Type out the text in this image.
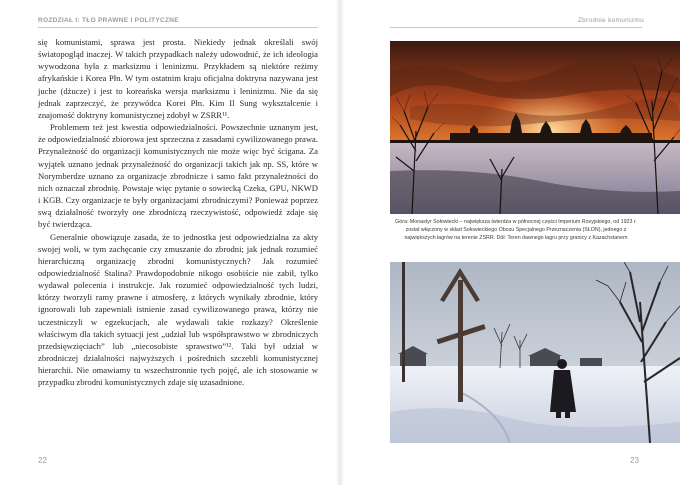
ROZDZIAŁ I: TŁO PRAWNE I POLITYCZNE

się komunistami, sprawa jest prosta. Niekiedy jednak określali swój światopogląd inaczej. W takich przypadkach należy udowodnić, że ich ideologia wywodzona była z marksizmu i leninizmu. Przykładem są niektóre reżimy afrykańskie i Korea Płn. W tym ostatnim kraju oficjalna doktryna nazywana jest juche (dżucze) i jest to koreańska wersja marksizmu i leninizmu. Nie da się jednak zaprzeczyć, że przywódca Korei Płn. Kim Il Sung wykształcenie i znajomość doktryny komunistycznej zdobył w ZSRR¹¹.

Problemem też jest kwestia odpowiedzialności. Powszechnie uznanym jest, że odpowiedzialność zbiorowa jest sprzeczna z zasadami cywilizowanego prawa. Przynależność do organizacji komunistycznych nie może więc być ścigana. Za wyjątek uznano jednak przynależność do organizacji takich jak np. SS, które w Norymberdze uznano za organizacje zbrodnicze i samo fakt przynależności do nich oznaczał zbrodnię. Powstaje więc pytanie o sowiecką Czeka, GPU, NKWD i KGB. Czy organizacje te były organizacjami zbrodniczymi? Ponieważ poprzez swą działalność tworzyły one zbrodniczą rzeczywistość, odpowiedź zdaje się być twierdząca.

Generalnie obowiązuje zasada, że to jednostka jest odpowiedzialna za akty swojej woli, w tym zachęcanie czy zmuszanie do zbrodni; jak jednak rozumieć hierarchiczną organizację zbrodni komunistycznych? Jak rozumieć odpowiedzialność Stalina? Prawdopodobnie nikogo osobiście nie zabił, tylko wydawał polecenia i instrukcje. Jak rozumieć odpowiedzialność tych ludzi, którzy tworzyli ramy prawne i atmosferę, z których wynikały zbrodnie, który ignorowali lub zapewniali istnienie zasad cywilizowanego prawa, którzy nie uczestniczyli w egzekucjach, ale wydawali takie rozkazy? Określenie właściwym dla takich sytuacji jest „udział lub współsprawstwo w zbrodniczych przedsięwzięciach” lub „niecosobiste sprawstwo”¹². Taki był udział w zbrodniczej działalności najwyższych i pośrednich szczebli komunistycznej hierarchii. Nie omawiamy tu wszechstronnie tych pojęć, ale ich stosowanie w przypadku zbrodni komunistycznych zdaje się uzasadnione.

22
Zbrodnie komunizmu
Góra: Monastyr Sołowiecki – największa twierdza w północnej części Imperium Rosyjskiego, od 1923 r. został włączony w skład Sołowieckiego Obozu Specjalnego Przeznaczenia (SŁON), jednego z największych łagrów na terenie ZSRR. Dół: Teren dawnego łagru przy granicy z Kazachstanem
23
